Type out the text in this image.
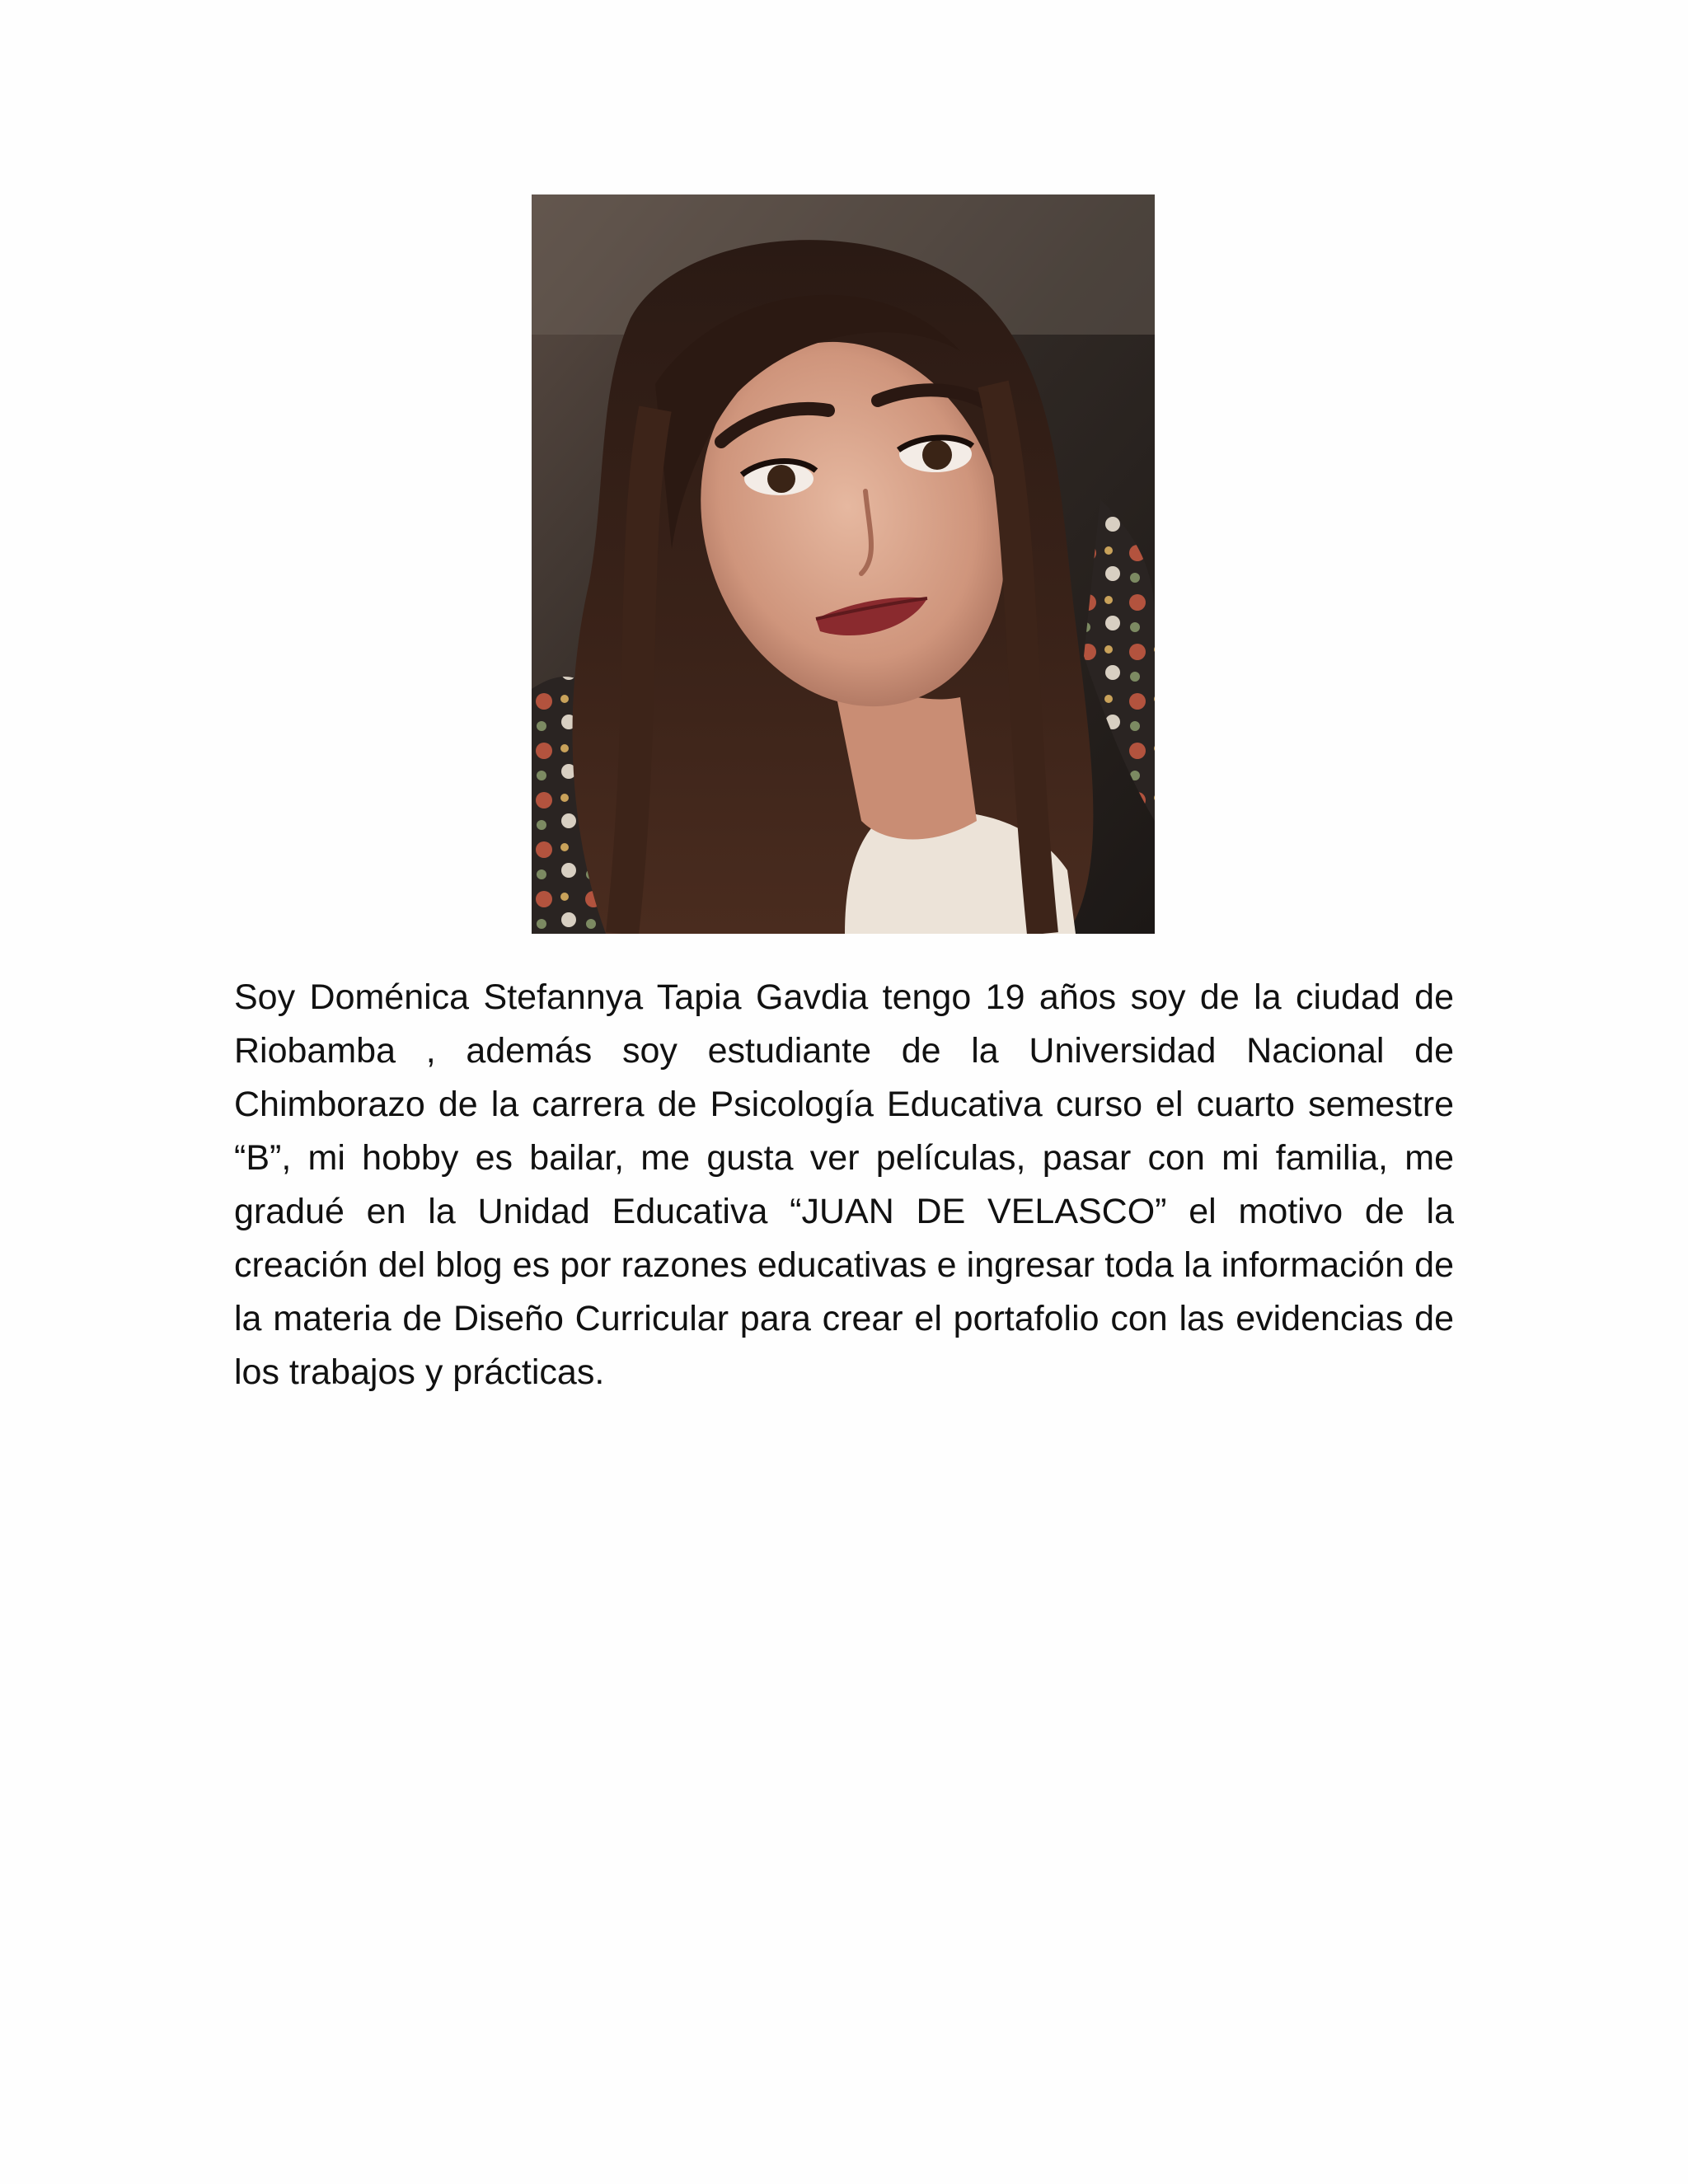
Soy Doménica Stefannya Tapia Gavdia tengo 19 años soy de la ciudad de Riobamba , además soy estudiante de la Universidad Nacional de Chimborazo de la carrera de Psicología Educativa curso el cuarto semestre “B”, mi hobby es bailar, me gusta ver películas, pasar con mi familia, me gradué en la Unidad Educativa “JUAN DE VELASCO” el motivo de la creación del blog es por razones educativas e ingresar toda la información de la materia de Diseño Curricular para crear el portafolio con las evidencias de los trabajos y prácticas.
